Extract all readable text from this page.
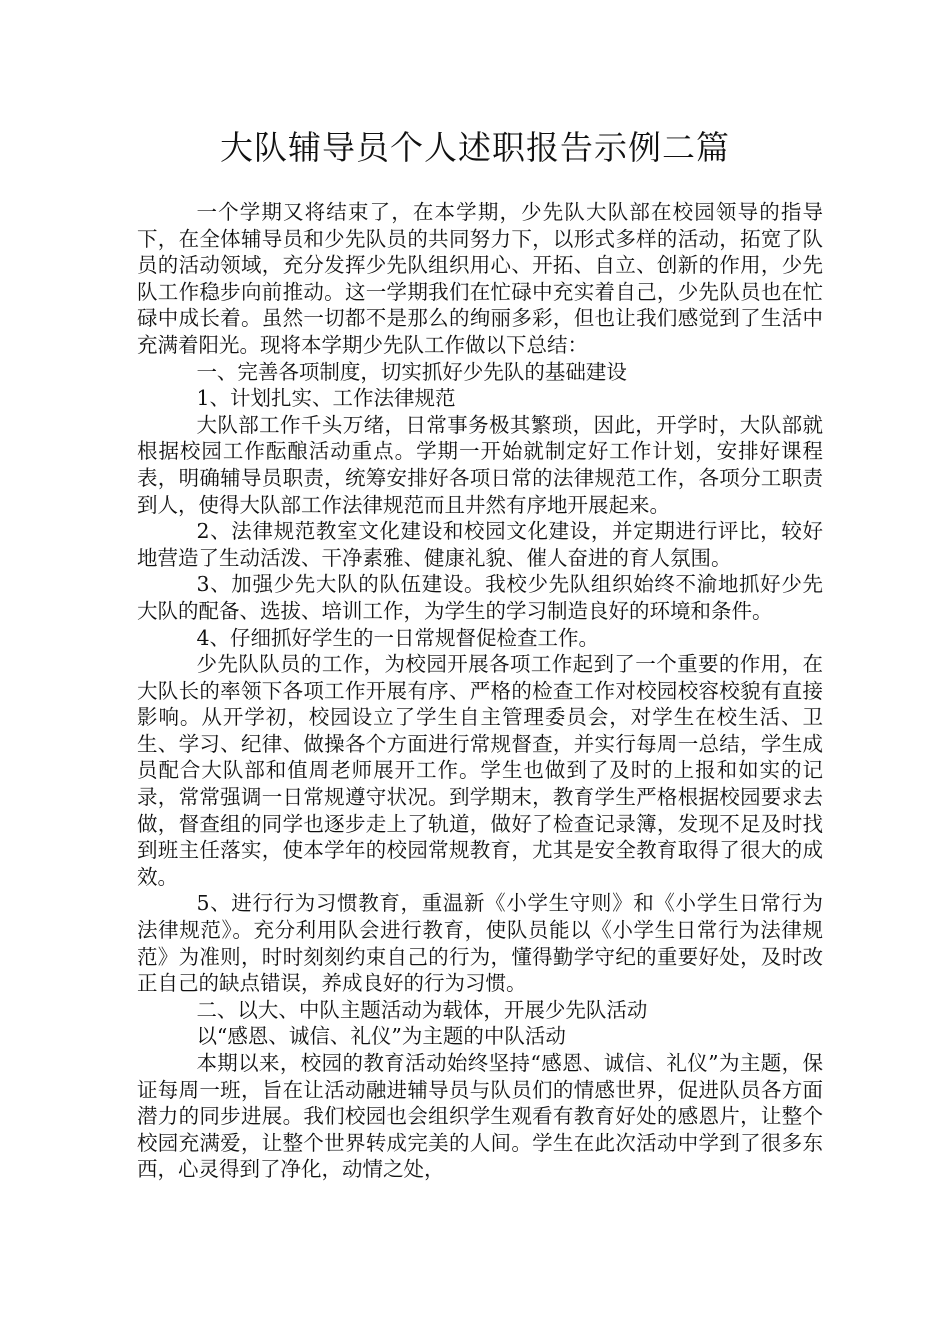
大队辅导员个人述职报告示例二篇

一个学期又将结束了，在本学期，少先队大队部在校园领导的指导下，在全体辅导员和少先队员的共同努力下，以形式多样的活动，拓宽了队员的活动领域，充分发挥少先队组织用心、开拓、自立、创新的作用，少先队工作稳步向前推动。这一学期我们在忙碌中充实着自己，少先队员也在忙碌中成长着。虽然一切都不是那么的绚丽多彩，但也让我们感觉到了生活中充满着阳光。现将本学期少先队工作做以下总结：

一、完善各项制度，切实抓好少先队的基础建设

1、计划扎实、工作法律规范

大队部工作千头万绪，日常事务极其繁琐，因此，开学时，大队部就根据校园工作酝酿活动重点。学期一开始就制定好工作计划，安排好课程表，明确辅导员职责，统筹安排好各项日常的法律规范工作，各项分工职责到人，使得大队部工作法律规范而且井然有序地开展起来。

2、法律规范教室文化建设和校园文化建设，并定期进行评比，较好地营造了生动活泼、干净素雅、健康礼貌、催人奋进的育人氛围。

3、加强少先大队的队伍建设。我校少先队组织始终不渝地抓好少先大队的配备、选拔、培训工作，为学生的学习制造良好的环境和条件。

4、仔细抓好学生的一日常规督促检查工作。

少先队队员的工作，为校园开展各项工作起到了一个重要的作用，在大队长的率领下各项工作开展有序、严格的检查工作对校园校容校貌有直接影响。从开学初，校园设立了学生自主管理委员会，对学生在校生活、卫生、学习、纪律、做操各个方面进行常规督查，并实行每周一总结，学生成员配合大队部和值周老师展开工作。学生也做到了及时的上报和如实的记录，常常强调一日常规遵守状况。到学期末，教育学生严格根据校园要求去做，督查组的同学也逐步走上了轨道，做好了检查记录簿，发现不足及时找到班主任落实，使本学年的校园常规教育，尤其是安全教育取得了很大的成效。

5、进行行为习惯教育，重温新《小学生守则》和《小学生日常行为法律规范》。充分利用队会进行教育，使队员能以《小学生日常行为法律规范》为准则，时时刻刻约束自己的行为，懂得勤学守纪的重要好处，及时改正自己的缺点错误，养成良好的行为习惯。

二、以大、中队主题活动为载体，开展少先队活动

以“感恩、诚信、礼仪”为主题的中队活动

本期以来，校园的教育活动始终坚持“感恩、诚信、礼仪”为主题，保证每周一班，旨在让活动融进辅导员与队员们的情感世界，促进队员各方面潜力的同步进展。我们校园也会组织学生观看有教育好处的感恩片，让整个校园充满爱，让整个世界转成完美的人间。学生在此次活动中学到了很多东西，心灵得到了净化，动情之处，
